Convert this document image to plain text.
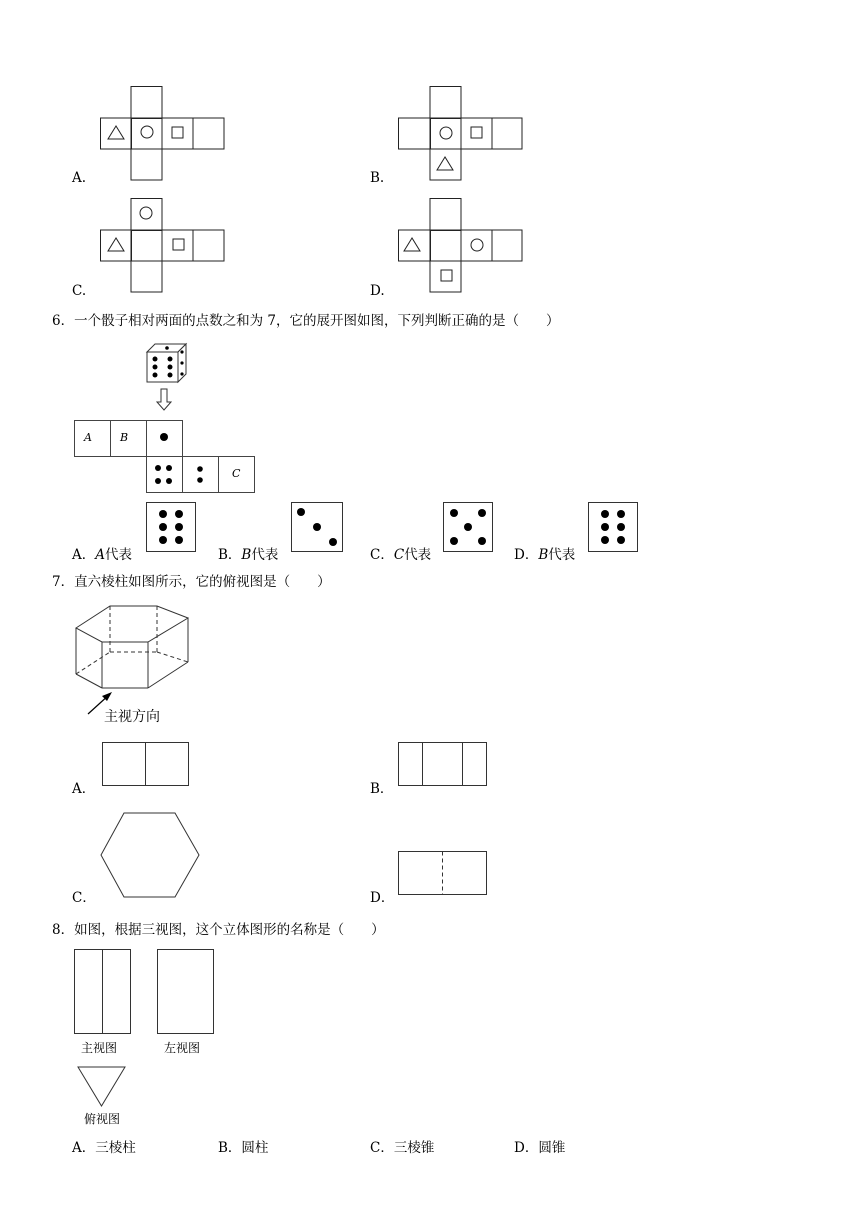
A.	B.
C.	D.
6．一个骰子相对两面的点数之和为 7，它的展开图如图，下列判断正确的是（　　）
A	B
C
A．A代表	B．B代表	C．C代表	D．B代表
7．直六棱柱如图所示，它的俯视图是（　　）
主视方向
A．	B．
C．	D．
8．如图，根据三视图，这个立体图形的名称是（　　）
主视图	左视图
俯视图
A．三棱柱	B．圆柱	C．三棱锥	D．圆锥
